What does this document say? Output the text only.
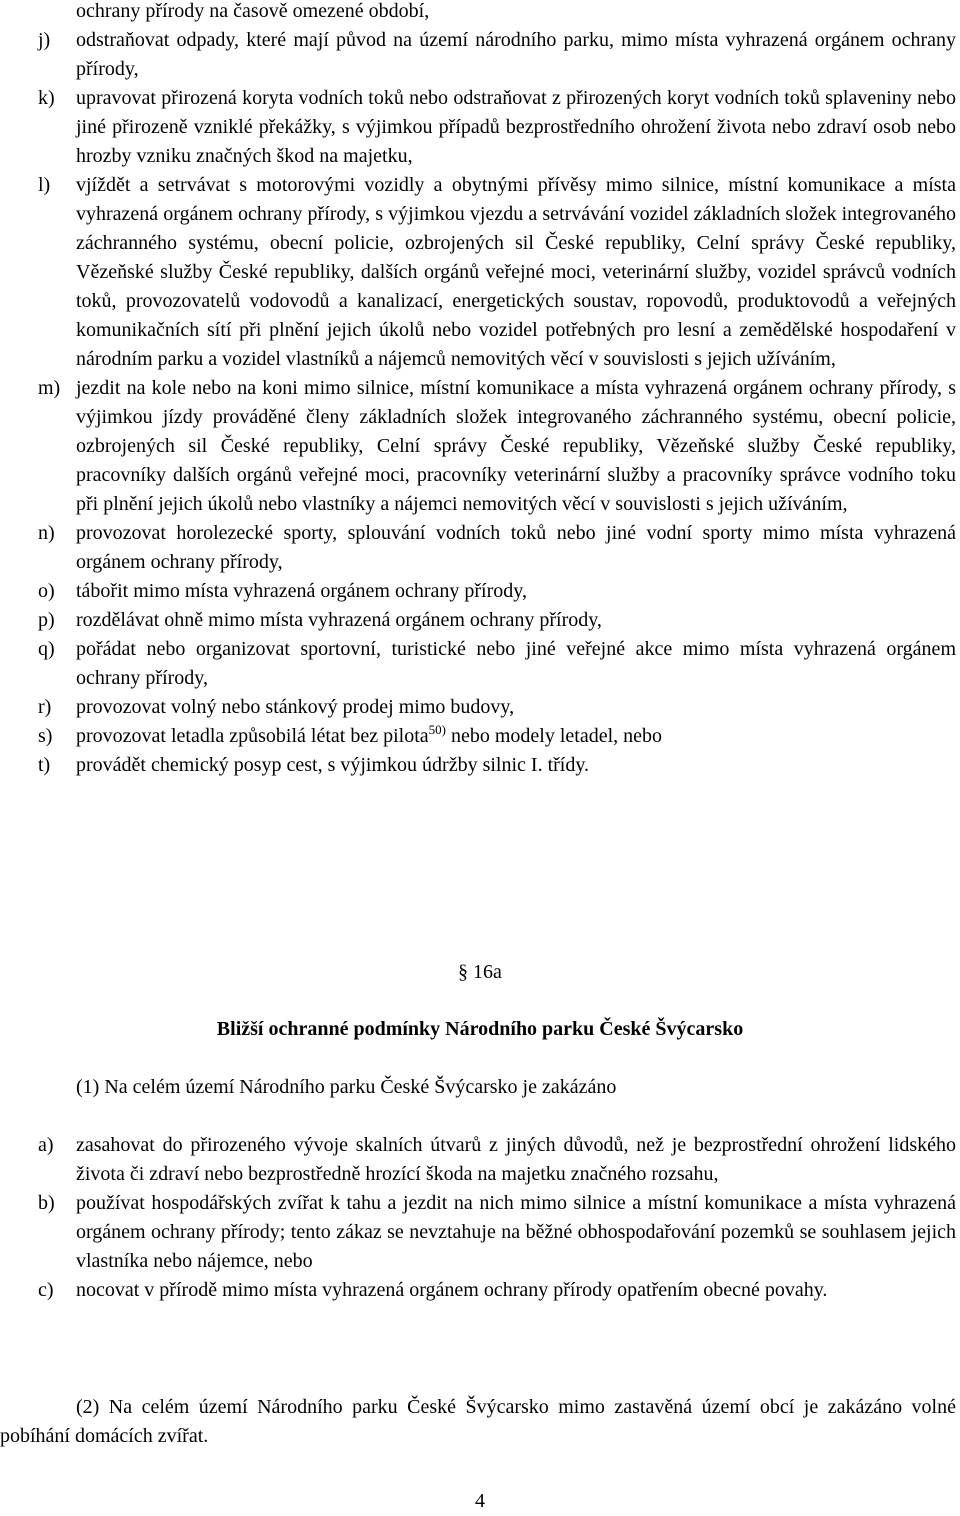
ochrany přírody na časově omezené období,
j)	odstraňovat odpady, které mají původ na území národního parku, mimo místa vyhrazená orgánem ochrany přírody,
k)	upravovat přirozená koryta vodních toků nebo odstraňovat z přirozených koryt vodních toků splaveniny nebo jiné přirozeně vzniklé překážky, s výjimkou případů bezprostředního ohrožení života nebo zdraví osob nebo hrozby vzniku značných škod na majetku,
l)	vjíždět a setrvávat s motorovými vozidly a obytnými přívěsy mimo silnice, místní komunikace a místa vyhrazená orgánem ochrany přírody, s výjimkou vjezdu a setrvávání vozidel základních složek integrovaného záchranného systému, obecní policie, ozbrojených sil České republiky, Celní správy České republiky, Vězeňské služby České republiky, dalších orgánů veřejné moci, veterinární služby, vozidel správců vodních toků, provozovatelů vodovodů a kanalizací, energetických soustav, ropovodů, produktovodů a veřejných komunikačních sítí při plnění jejich úkolů nebo vozidel potřebných pro lesní a zemědělské hospodaření v národním parku a vozidel vlastníků a nájemců nemovitých věcí v souvislosti s jejich užíváním,
m) jezdit na kole nebo na koni mimo silnice, místní komunikace a místa vyhrazená orgánem ochrany přírody, s výjimkou jízdy prováděné členy základních složek integrovaného záchranného systému, obecní policie, ozbrojených sil České republiky, Celní správy České republiky, Vězeňské služby České republiky, pracovníky dalších orgánů veřejné moci, pracovníky veterinární služby a pracovníky správce vodního toku při plnění jejich úkolů nebo vlastníky a nájemci nemovitých věcí v souvislosti s jejich užíváním,
n)	provozovat horolezecké sporty, splouvání vodních toků nebo jiné vodní sporty mimo místa vyhrazená orgánem ochrany přírody,
o)	tábořit mimo místa vyhrazená orgánem ochrany přírody,
p)	rozdělávat ohně mimo místa vyhrazená orgánem ochrany přírody,
q)	pořádat nebo organizovat sportovní, turistické nebo jiné veřejné akce mimo místa vyhrazená orgánem ochrany přírody,
r)	provozovat volný nebo stánkový prodej mimo budovy,
s)	provozovat letadla způsobilá létat bez pilota$^{50)}$ nebo modely letadel, nebo
t)	provádět chemický posyp cest, s výjimkou údržby silnic I. třídy.
§ 16a
Bližší ochranné podmínky Národního parku České Švýcarsko
(1) Na celém území Národního parku České Švýcarsko je zakázáno
a)	zasahovat do přirozeného vývoje skalních útvarů z jiných důvodů, než je bezprostřední ohrožení lidského života či zdraví nebo bezprostředně hrozící škoda na majetku značného rozsahu,
b)	používat hospodářských zvířat k tahu a jezdit na nich mimo silnice a místní komunikace a místa vyhrazená orgánem ochrany přírody; tento zákaz se nevztahuje na běžné obhospodařování pozemků se souhlasem jejich vlastníka nebo nájemce, nebo
c)	nocovat v přírodě mimo místa vyhrazená orgánem ochrany přírody opatřením obecné povahy.
(2) Na celém území Národního parku České Švýcarsko mimo zastavěná území obcí je zakázáno volné pobíhání domácích zvířat.
4
